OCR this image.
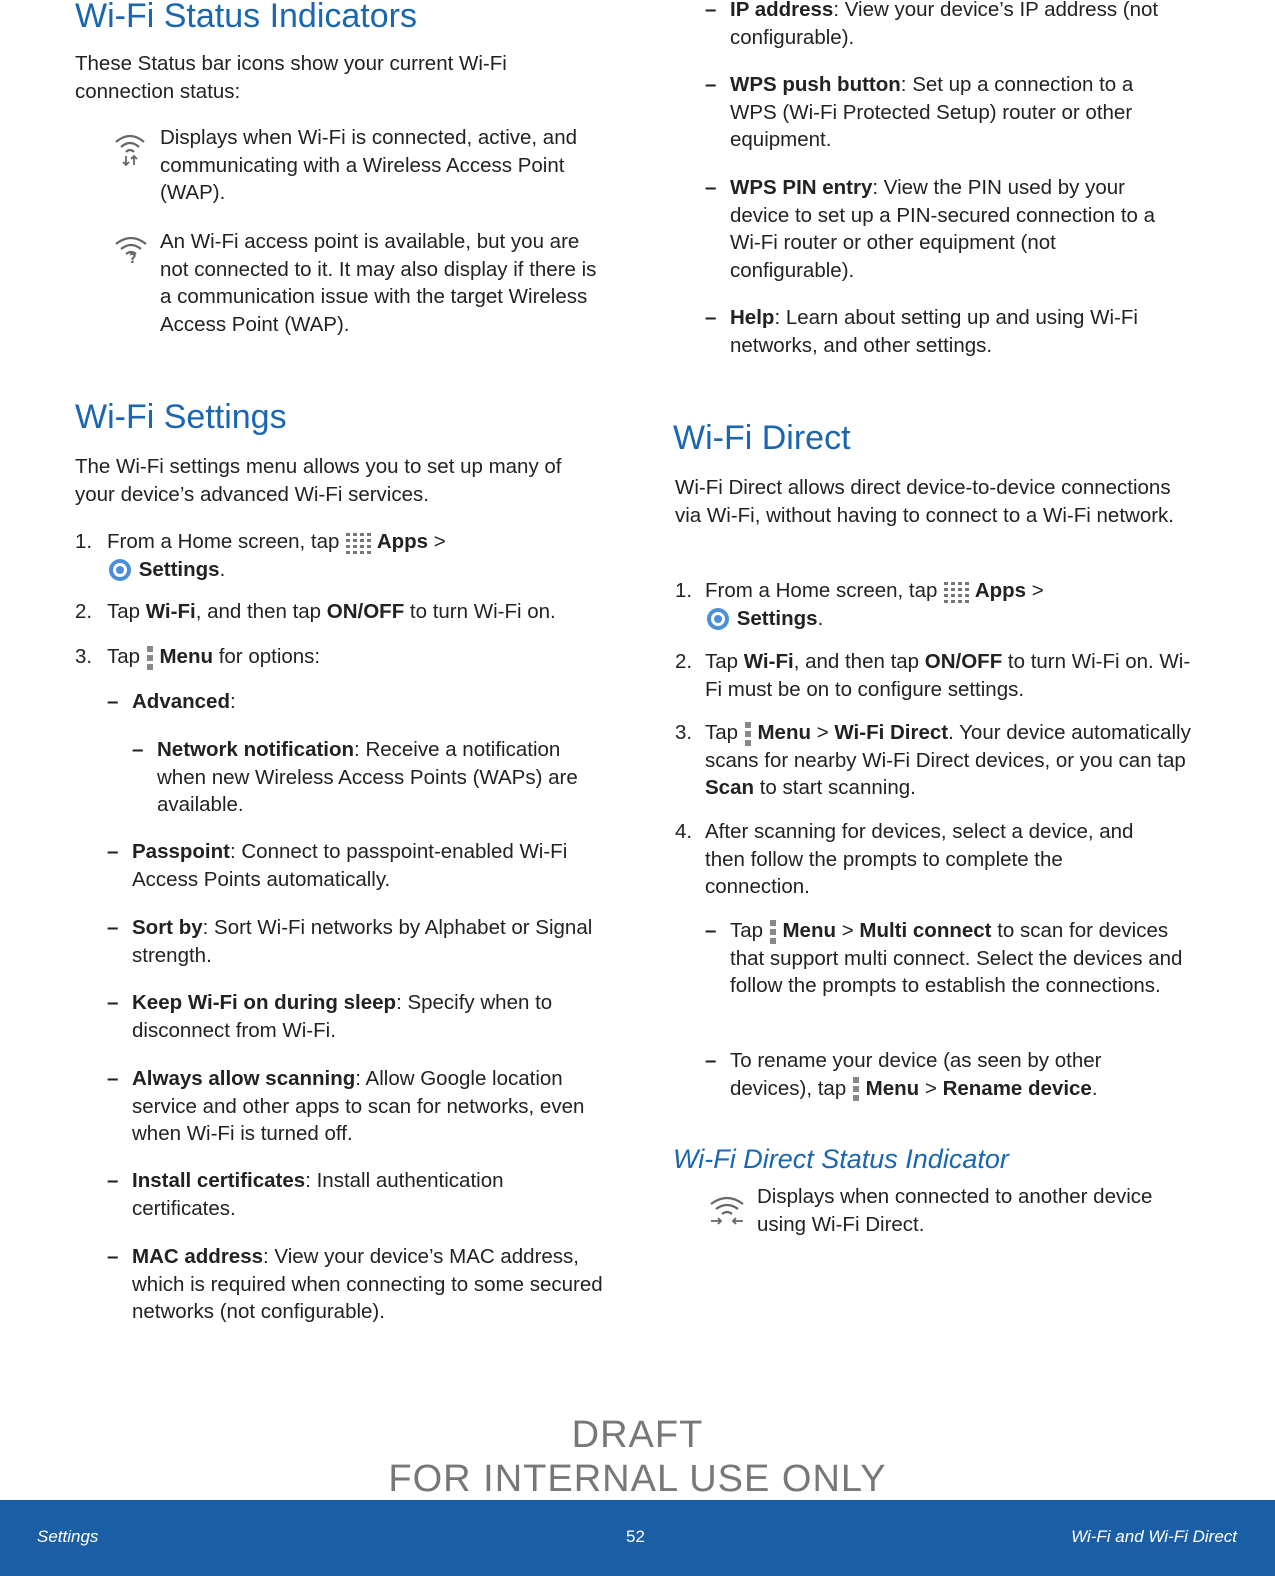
Wi-Fi Status Indicators

These Status bar icons show your current Wi-Fi connection status:

Displays when Wi-Fi is connected, active, and communicating with a Wireless Access Point (WAP).

?

An Wi-Fi access point is available, but you are not connected to it. It may also display if there is a communication issue with the target Wireless Access Point (WAP).

Wi-Fi Settings

The Wi-Fi settings menu allows you to set up many of your device’s advanced Wi-Fi services.

1. From a Home screen, tap Apps >
Settings.
2. Tap Wi-Fi, and then tap ON/OFF to turn Wi-Fi on.
3. Tap Menu for options:
– Advanced:
– Network notification: Receive a notification when new Wireless Access Points (WAPs) are available.
– Passpoint: Connect to passpoint-enabled Wi-Fi Access Points automatically.
– Sort by: Sort Wi-Fi networks by Alphabet or Signal strength.
– Keep Wi-Fi on during sleep: Specify when to disconnect from Wi-Fi.
– Always allow scanning: Allow Google location service and other apps to scan for networks, even when Wi-Fi is turned off.
– Install certificates: Install authentication certificates.
– MAC address: View your device’s MAC address, which is required when connecting to some secured networks (not configurable).
– IP address: View your device’s IP address (not configurable).
– WPS push button: Set up a connection to a WPS (Wi-Fi Protected Setup) router or other equipment.
– WPS PIN entry: View the PIN used by your device to set up a PIN-secured connection to a Wi-Fi router or other equipment (not configurable).
– Help: Learn about setting up and using Wi-Fi networks, and other settings.
Wi-Fi Direct

Wi-Fi Direct allows direct device-to-device connections via Wi-Fi, without having to connect to a Wi-Fi network.

1. From a Home screen, tap Apps >
Settings.
2. Tap Wi-Fi, and then tap ON/OFF to turn Wi-Fi on. Wi-Fi must be on to configure settings.
3. Tap Menu > Wi-Fi Direct. Your device automatically scans for nearby Wi-Fi Direct devices, or you can tap Scan to start scanning.
4. After scanning for devices, select a device, and then follow the prompts to complete the connection.

– Tap Menu > Multi connect to scan for devices that support multi connect. Select the devices and follow the prompts to establish the connections.
– To rename your device (as seen by other devices), tap Menu > Rename device.
Wi-Fi Direct Status Indicator

Displays when connected to another device using Wi-Fi Direct.

DRAFT
FOR INTERNAL USE ONLY
Settings	52	Wi-Fi and Wi-Fi Direct
